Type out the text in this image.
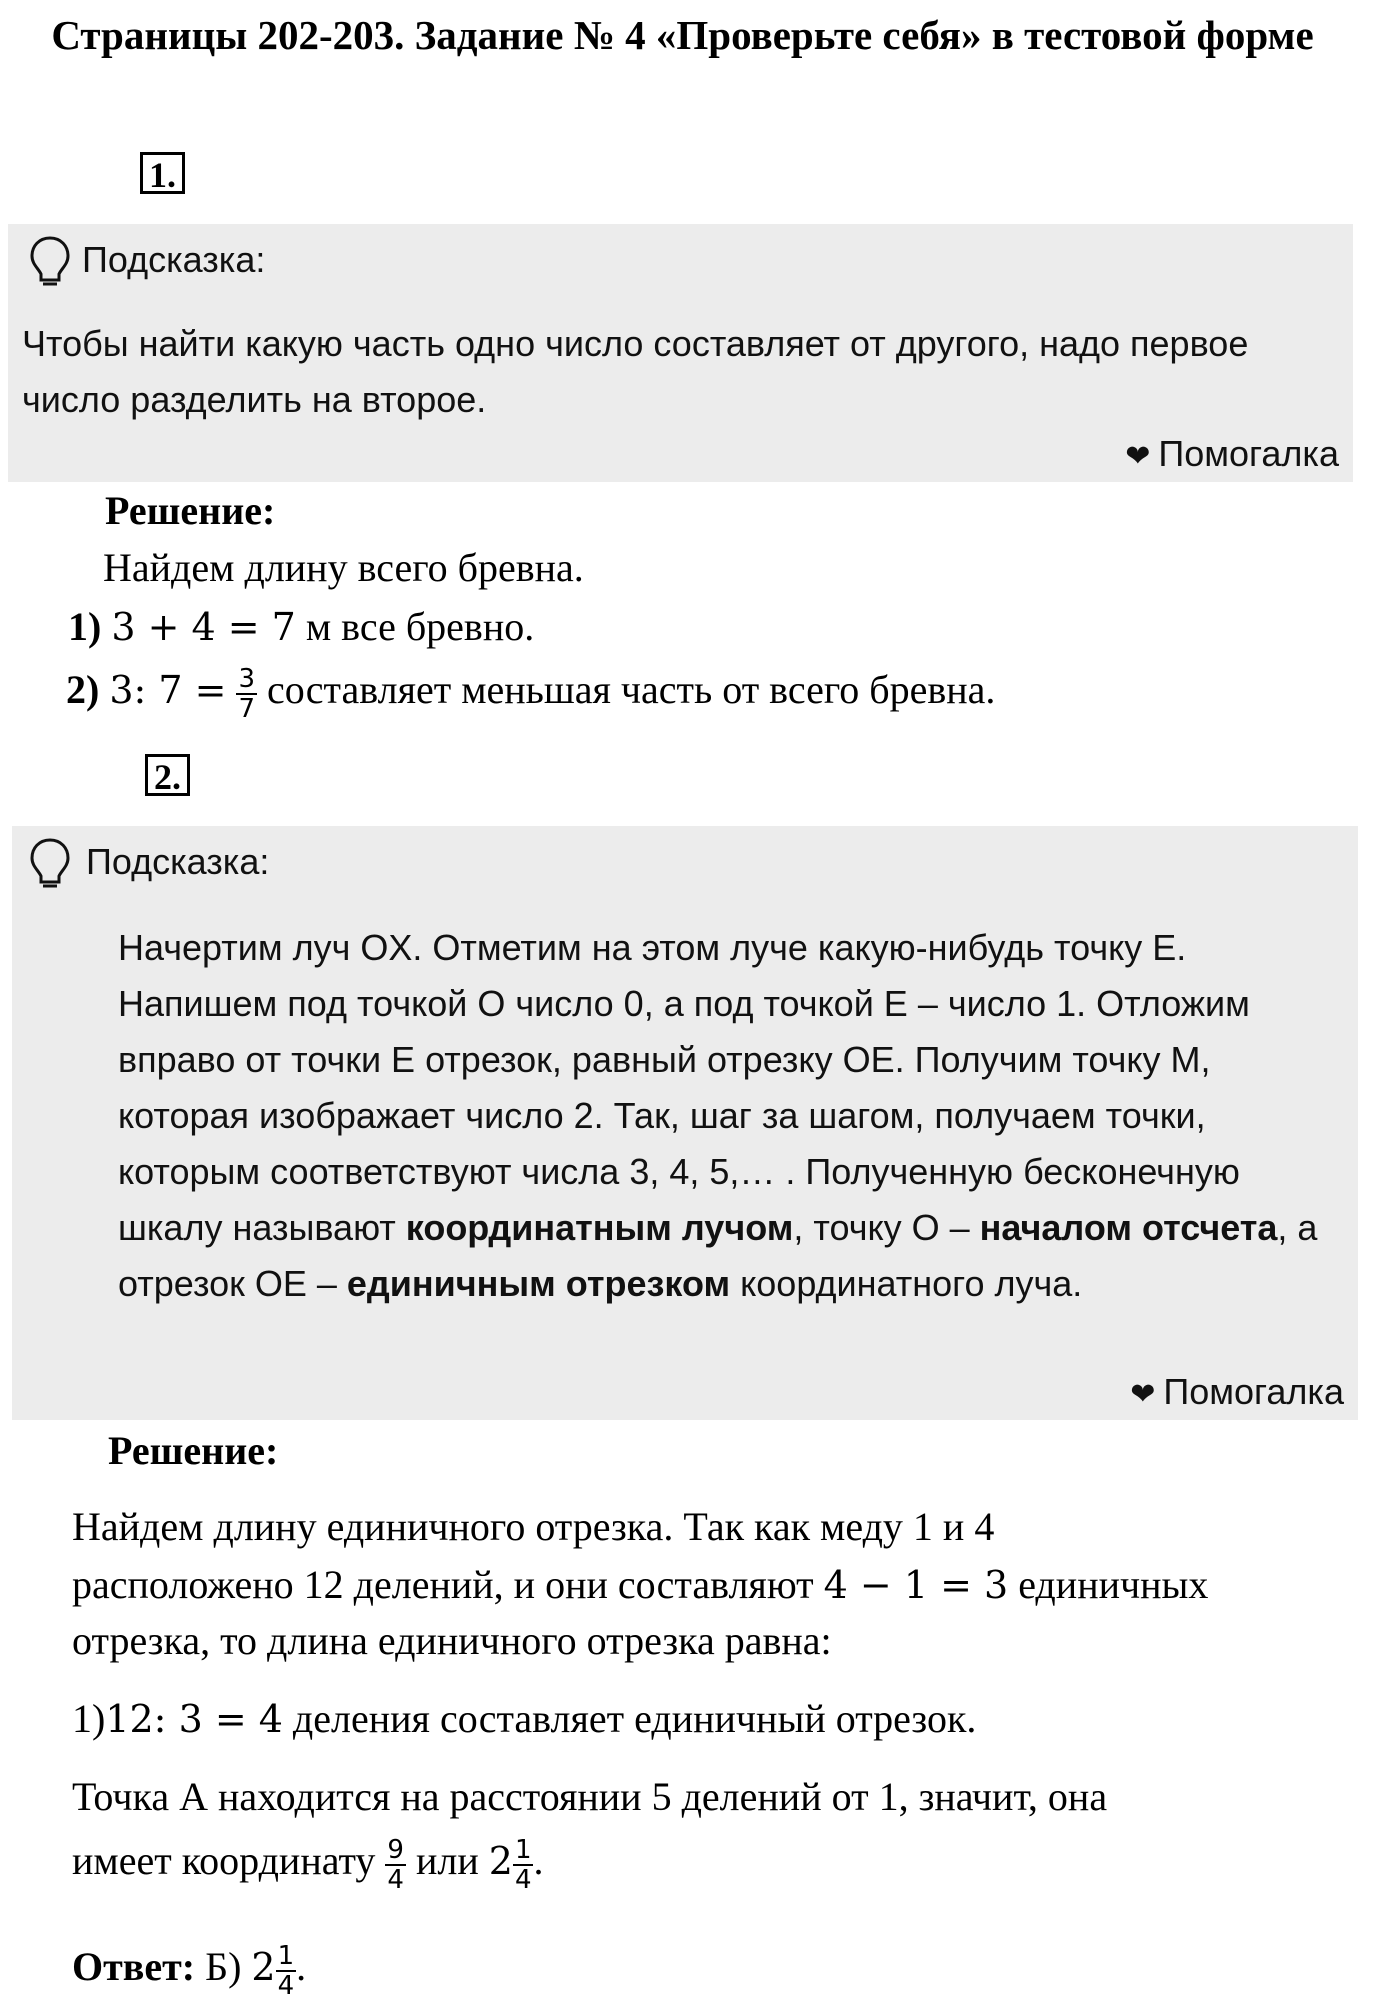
Страницы 202-203. Задание № 4 «Проверьте себя» в тестовой форме
1.
Подсказка:
Чтобы найти какую часть одно число составляет от другого, надо первое число разделить на второе.
❤ Помогалка
Решение:
Найдем длину всего бревна.
1) 3 + 4 = 7 м все бревно.
2) 3: $7 = \frac{3}{7}$ составляет меньшая часть от всего бревна.
2.
Подсказка:
Начертим луч OX. Отметим на этом луче какую-нибудь точку E. Напишем под точкой O число 0, а под точкой E – число 1. Отложим вправо от точки E отрезок, равный отрезку OE. Получим точку M, которая изображает число 2. Так, шаг за шагом, получаем точки, которым соответствуют числа 3, 4, 5,… . Полученную бесконечную шкалу называют координатным лучом, точку O – началом отсчета, а отрезок OE – единичным отрезком координатного луча.
❤ Помогалка
Решение:
Найдем длину единичного отрезка. Так как меду 1 и 4
расположено 12 делений, и они составляют 4 − 1 = 3 единичных
отрезка, то длина единичного отрезка равна:
1)12: 3 = 4 деления составляет единичный отрезок.
Точка А находится на расстоянии 5 делений от 1, значит, она
имеет координату $\frac{9}{4}$ или $2 \frac{1}{4}$ .
Ответ: Б) $2 \frac{1}{4}$ .
